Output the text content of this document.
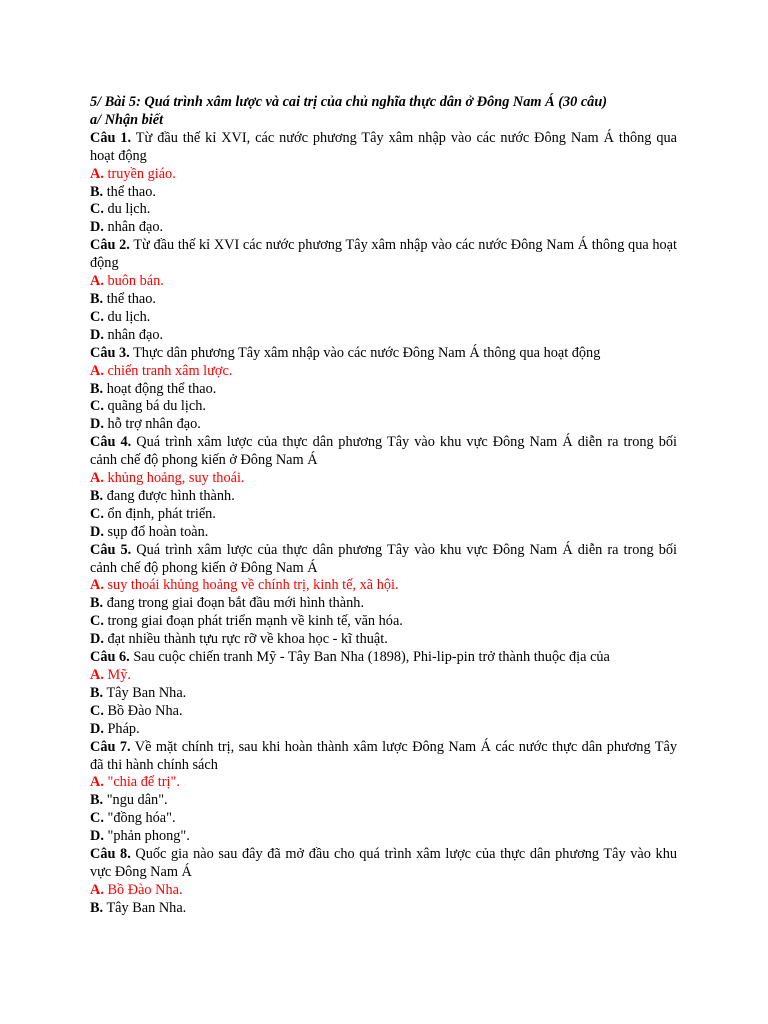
5/ Bài 5: Quá trình xâm lược và cai trị của chủ nghĩa thực dân ở Đông Nam Á (30 câu)
a/ Nhận biết
Câu 1. Từ đầu thế kỉ XVI, các nước phương Tây xâm nhập vào các nước Đông Nam Á thông qua hoạt động
A. truyền giáo.
B. thể thao.
C. du lịch.
D. nhân đạo.
Câu 2. Từ đầu thế kỉ XVI các nước phương Tây xâm nhập vào các nước Đông Nam Á thông qua hoạt động
A. buôn bán.
B. thể thao.
C. du lịch.
D. nhân đạo.
Câu 3. Thực dân phương Tây xâm nhập vào các nước Đông Nam Á thông qua hoạt động
A. chiến tranh xâm lược.
B. hoạt động thể thao.
C. quãng bá du lịch.
D. hỗ trợ nhân đạo.
Câu 4. Quá trình xâm lược của thực dân phương Tây vào khu vực Đông Nam Á diễn ra trong bối cảnh chế độ phong kiến ở Đông Nam Á
A. khủng hoảng, suy thoái.
B. đang được hình thành.
C. ổn định, phát triển.
D. sụp đổ hoàn toàn.
Câu 5. Quá trình xâm lược của thực dân phương Tây vào khu vực Đông Nam Á diễn ra trong bối cảnh chế độ phong kiến ở Đông Nam Á
A. suy thoái khủng hoảng về chính trị, kinh tế, xã hội.
B. đang trong giai đoạn bắt đầu mới hình thành.
C. trong giai đoạn phát triển mạnh về kinh tế, văn hóa.
D. đạt nhiều thành tựu rực rỡ về khoa học - kĩ thuật.
Câu 6. Sau cuộc chiến tranh Mỹ - Tây Ban Nha (1898), Phi-lip-pin trở thành thuộc địa của
A. Mỹ.
B. Tây Ban Nha.
C. Bồ Đào Nha.
D. Pháp.
Câu 7. Về mặt chính trị, sau khi hoàn thành xâm lược Đông Nam Á các nước thực dân phương Tây đã thi hành chính sách
A. "chia để trị".
B. "ngu dân".
C. "đồng hóa".
D. "phản phong".
Câu 8. Quốc gia nào sau đây đã mở đầu cho quá trình xâm lược của thực dân phương Tây vào khu vực Đông Nam Á
A. Bồ Đào Nha.
B. Tây Ban Nha.
